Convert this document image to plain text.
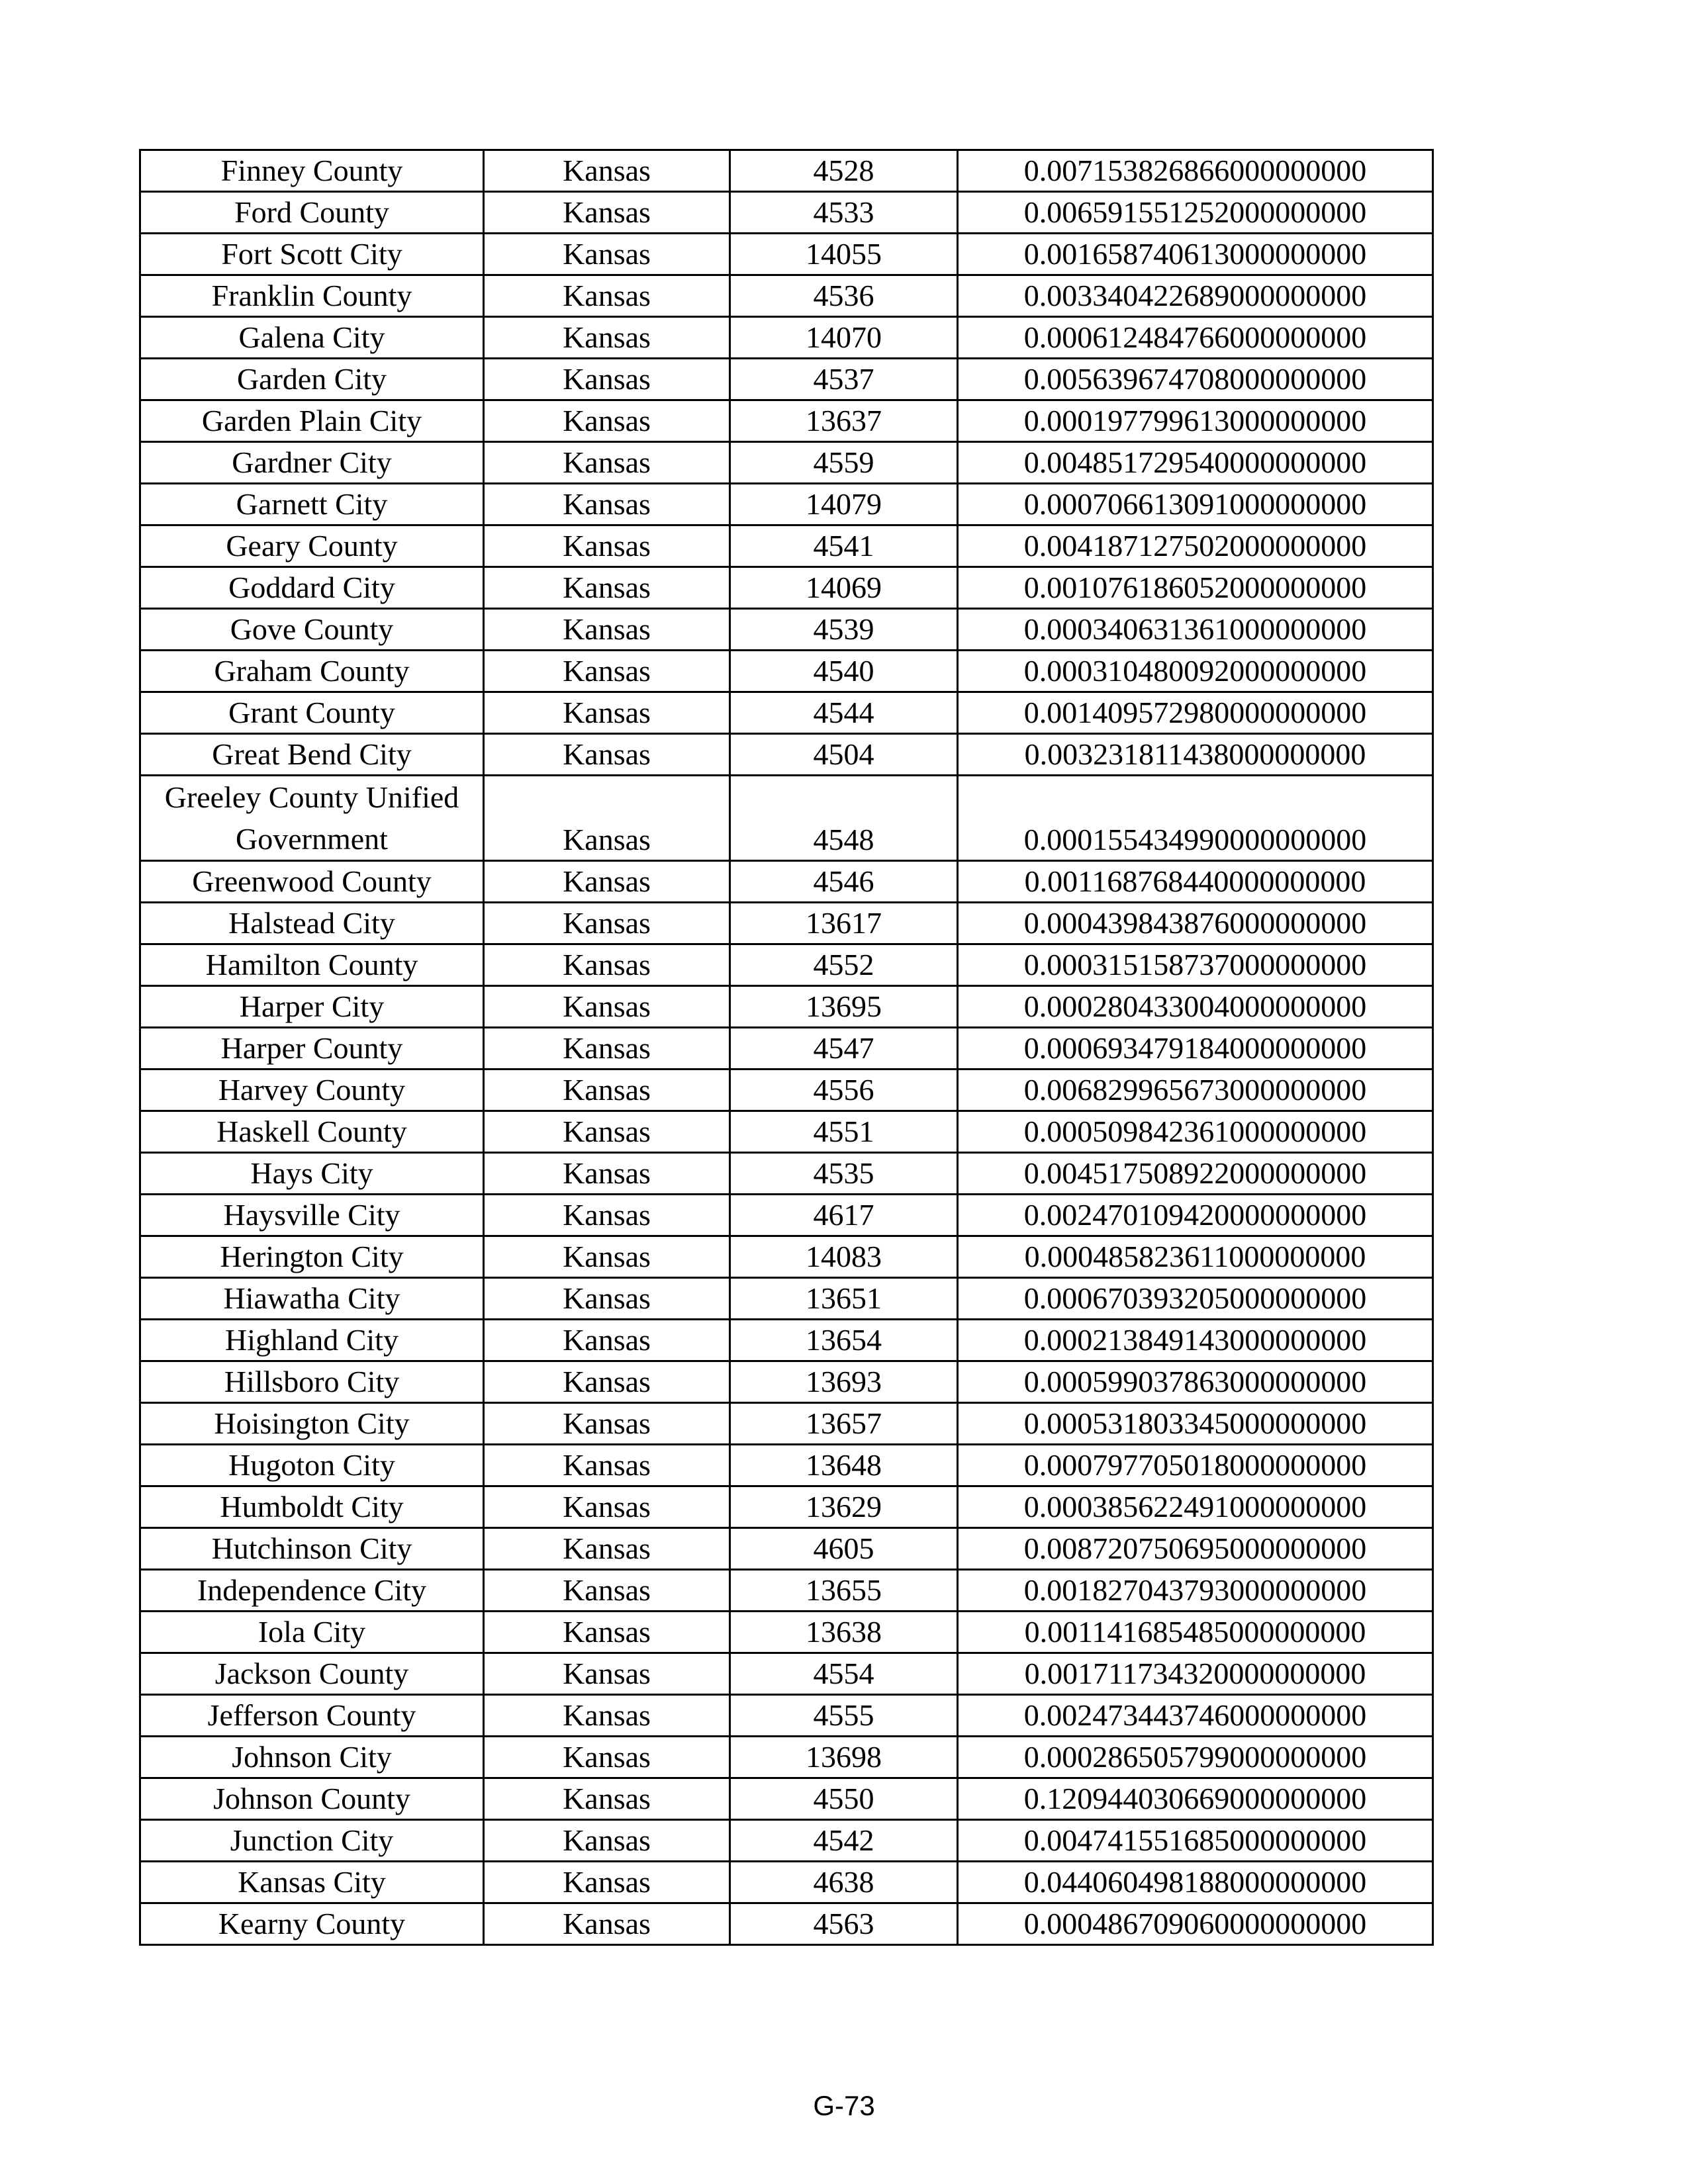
Finney County	Kansas	4528	0.007153826866000000000
Ford County	Kansas	4533	0.006591551252000000000
Fort Scott City	Kansas	14055	0.001658740613000000000
Franklin County	Kansas	4536	0.003340422689000000000
Galena City	Kansas	14070	0.000612484766000000000
Garden City	Kansas	4537	0.005639674708000000000
Garden Plain City	Kansas	13637	0.000197799613000000000
Gardner City	Kansas	4559	0.004851729540000000000
Garnett City	Kansas	14079	0.000706613091000000000
Geary County	Kansas	4541	0.004187127502000000000
Goddard City	Kansas	14069	0.001076186052000000000
Gove County	Kansas	4539	0.000340631361000000000
Graham County	Kansas	4540	0.000310480092000000000
Grant County	Kansas	4544	0.001409572980000000000
Great Bend City	Kansas	4504	0.003231811438000000000
Greeley County Unified Government	Kansas	4548	0.000155434990000000000
Greenwood County	Kansas	4546	0.001168768440000000000
Halstead City	Kansas	13617	0.000439843876000000000
Hamilton County	Kansas	4552	0.000315158737000000000
Harper City	Kansas	13695	0.000280433004000000000
Harper County	Kansas	4547	0.000693479184000000000
Harvey County	Kansas	4556	0.006829965673000000000
Haskell County	Kansas	4551	0.000509842361000000000
Hays City	Kansas	4535	0.004517508922000000000
Haysville City	Kansas	4617	0.002470109420000000000
Herington City	Kansas	14083	0.000485823611000000000
Hiawatha City	Kansas	13651	0.000670393205000000000
Highland City	Kansas	13654	0.000213849143000000000
Hillsboro City	Kansas	13693	0.000599037863000000000
Hoisington City	Kansas	13657	0.000531803345000000000
Hugoton City	Kansas	13648	0.000797705018000000000
Humboldt City	Kansas	13629	0.000385622491000000000
Hutchinson City	Kansas	4605	0.008720750695000000000
Independence City	Kansas	13655	0.001827043793000000000
Iola City	Kansas	13638	0.001141685485000000000
Jackson County	Kansas	4554	0.001711734320000000000
Jefferson County	Kansas	4555	0.002473443746000000000
Johnson City	Kansas	13698	0.000286505799000000000
Johnson County	Kansas	4550	0.120944030669000000000
Junction City	Kansas	4542	0.004741551685000000000
Kansas City	Kansas	4638	0.044060498188000000000
Kearny County	Kansas	4563	0.000486709060000000000
G-73
